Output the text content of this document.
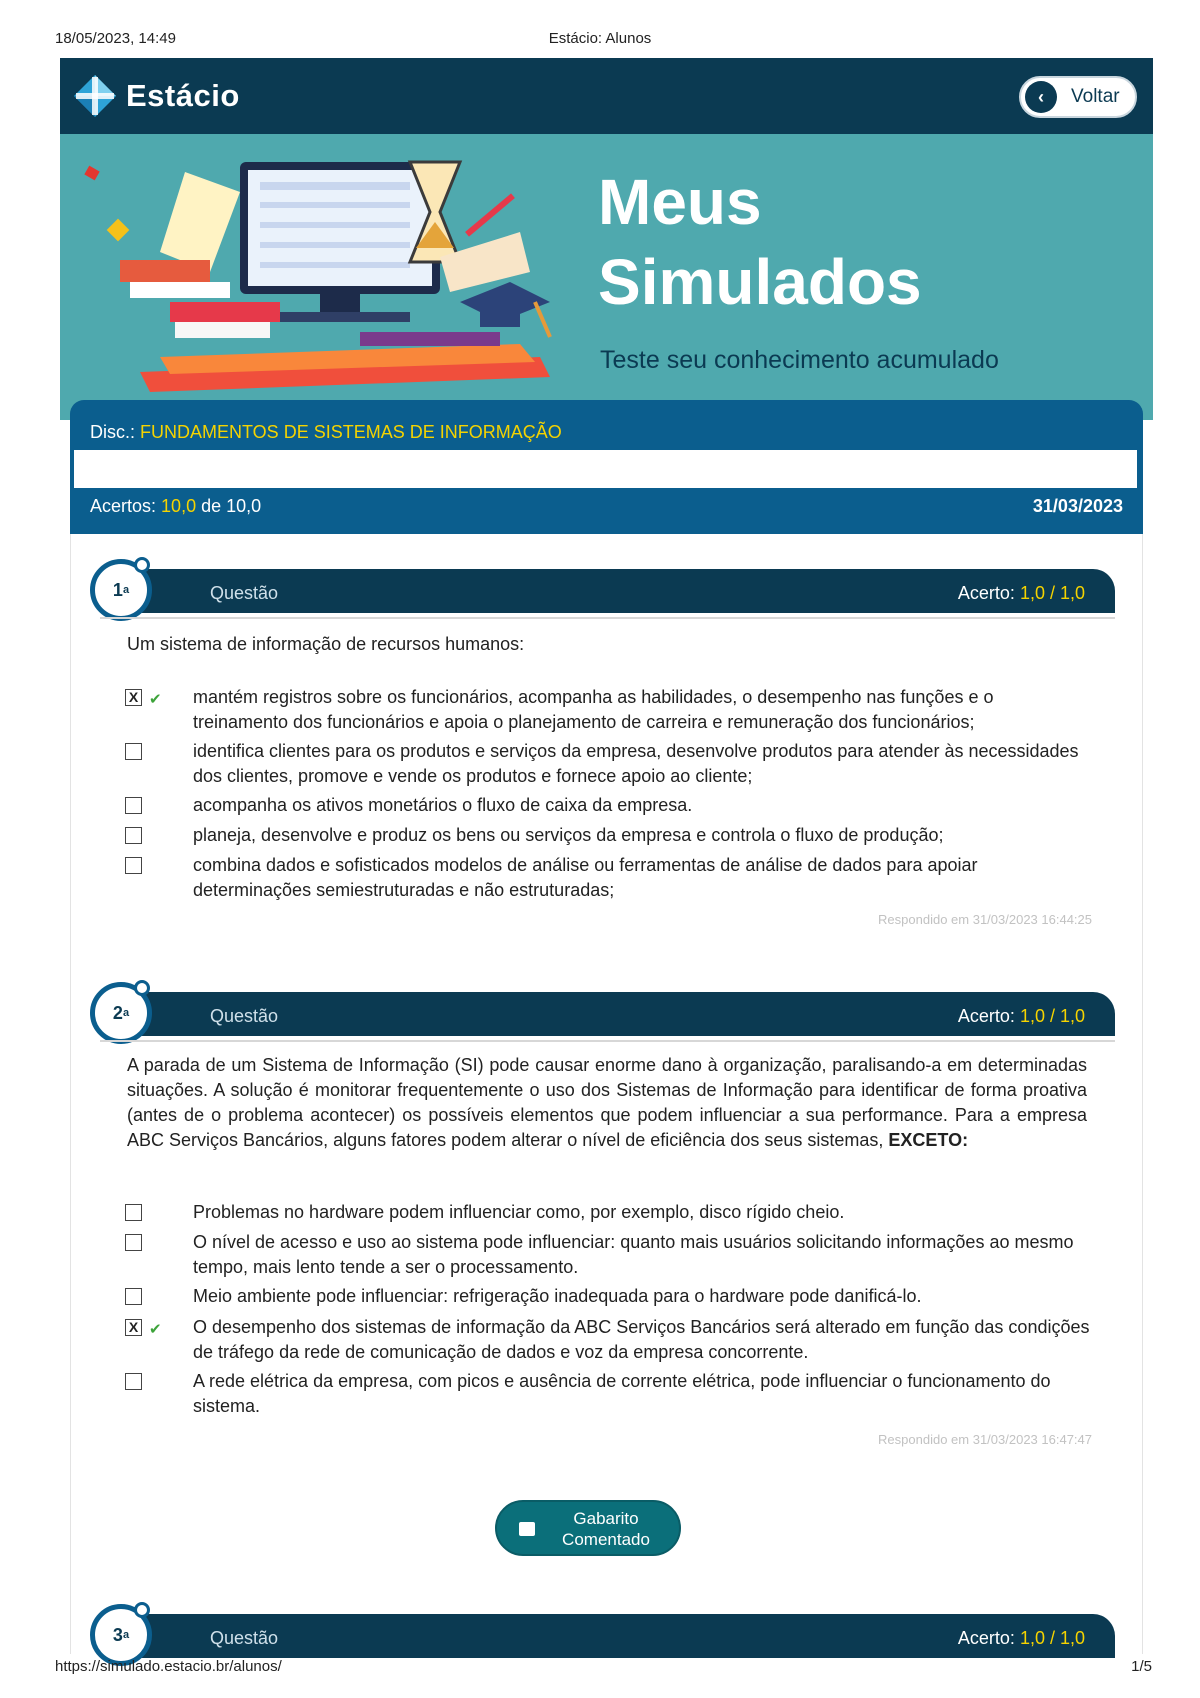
18/05/2023, 14:49	Estácio: Alunos
Estácio	‹	Voltar
Meus
Simulados
Teste seu conhecimento acumulado
Disc.: FUNDAMENTOS DE SISTEMAS DE INFORMAÇÃO
Acertos: 10,0 de 10,0	31/03/2023
Questão	Acerto: 1,0 / 1,0
1 a
Um sistema de informação de recursos humanos:
X ✔ mantém registros sobre os funcionários, acompanha as habilidades, o desempenho nas funções e o treinamento dos funcionários e apoia o planejamento de carreira e remuneração dos funcionários;
identifica clientes para os produtos e serviços da empresa, desenvolve produtos para atender às necessidades dos clientes, promove e vende os produtos e fornece apoio ao cliente;
acompanha os ativos monetários o fluxo de caixa da empresa.
planeja, desenvolve e produz os bens ou serviços da empresa e controla o fluxo de produção;
combina dados e sofisticados modelos de análise ou ferramentas de análise de dados para apoiar determinações semiestruturadas e não estruturadas;
Respondido em 31/03/2023 16:44:25
Questão	Acerto: 1,0 / 1,0
2 a
A parada de um Sistema de Informação (SI) pode causar enorme dano à organização, paralisando-a em determinadas situações. A solução é monitorar frequentemente o uso dos Sistemas de Informação para identificar de forma proativa (antes de o problema acontecer) os possíveis elementos que podem influenciar a sua performance. Para a empresa ABC Serviços Bancários, alguns fatores podem alterar o nível de eficiência dos seus sistemas, EXCETO:
Problemas no hardware podem influenciar como, por exemplo, disco rígido cheio.
O nível de acesso e uso ao sistema pode influenciar: quanto mais usuários solicitando informações ao mesmo tempo, mais lento tende a ser o processamento.
Meio ambiente pode influenciar: refrigeração inadequada para o hardware pode danificá-lo.
X ✔ O desempenho dos sistemas de informação da ABC Serviços Bancários será alterado em função das condições de tráfego da rede de comunicação de dados e voz da empresa concorrente.
A rede elétrica da empresa, com picos e ausência de corrente elétrica, pode influenciar o funcionamento do sistema.
Respondido em 31/03/2023 16:47:47
Gabarito Comentado
Questão	Acerto: 1,0 / 1,0
3 a
https://simulado.estacio.br/alunos/	1/5
